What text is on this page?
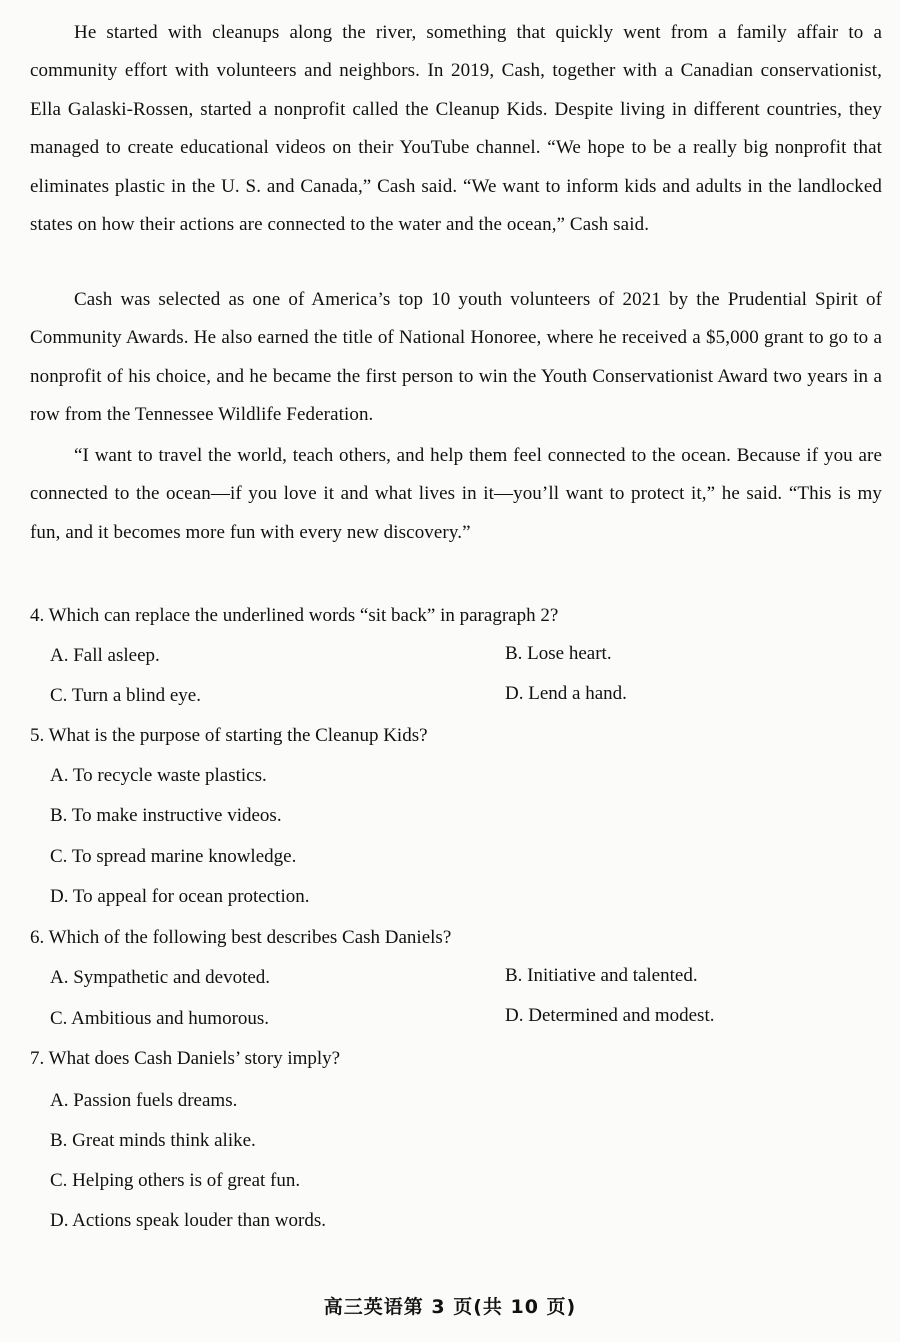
He started with cleanups along the river, something that quickly went from a family affair to a community effort with volunteers and neighbors. In 2019, Cash, together with a Canadian conservationist, Ella Galaski-Rossen, started a nonprofit called the Cleanup Kids. Despite living in different countries, they managed to create educational videos on their YouTube channel. “We hope to be a really big nonprofit that eliminates plastic in the U. S. and Canada,” Cash said. “We want to inform kids and adults in the landlocked states on how their actions are connected to the water and the ocean,” Cash said.

Cash was selected as one of America’s top 10 youth volunteers of 2021 by the Prudential Spirit of Community Awards. He also earned the title of National Honoree, where he received a $5,000 grant to go to a nonprofit of his choice, and he became the first person to win the Youth Conservationist Award two years in a row from the Tennessee Wildlife Federation.

“I want to travel the world, teach others, and help them feel connected to the ocean. Because if you are connected to the ocean—if you love it and what lives in it—you’ll want to protect it,” he said. “This is my fun, and it becomes more fun with every new discovery.”

4. Which can replace the underlined words “sit back” in paragraph 2?
A. Fall asleep.	B. Lose heart.
C. Turn a blind eye.	D. Lend a hand.
5. What is the purpose of starting the Cleanup Kids?
A. To recycle waste plastics.
B. To make instructive videos.
C. To spread marine knowledge.
D. To appeal for ocean protection.
6. Which of the following best describes Cash Daniels?
A. Sympathetic and devoted.	B. Initiative and talented.
C. Ambitious and humorous.	D. Determined and modest.
7. What does Cash Daniels’ story imply?
A. Passion fuels dreams.
B. Great minds think alike.
C. Helping others is of great fun.
D. Actions speak louder than words.
高三英语第 3 页(共 10 页)
